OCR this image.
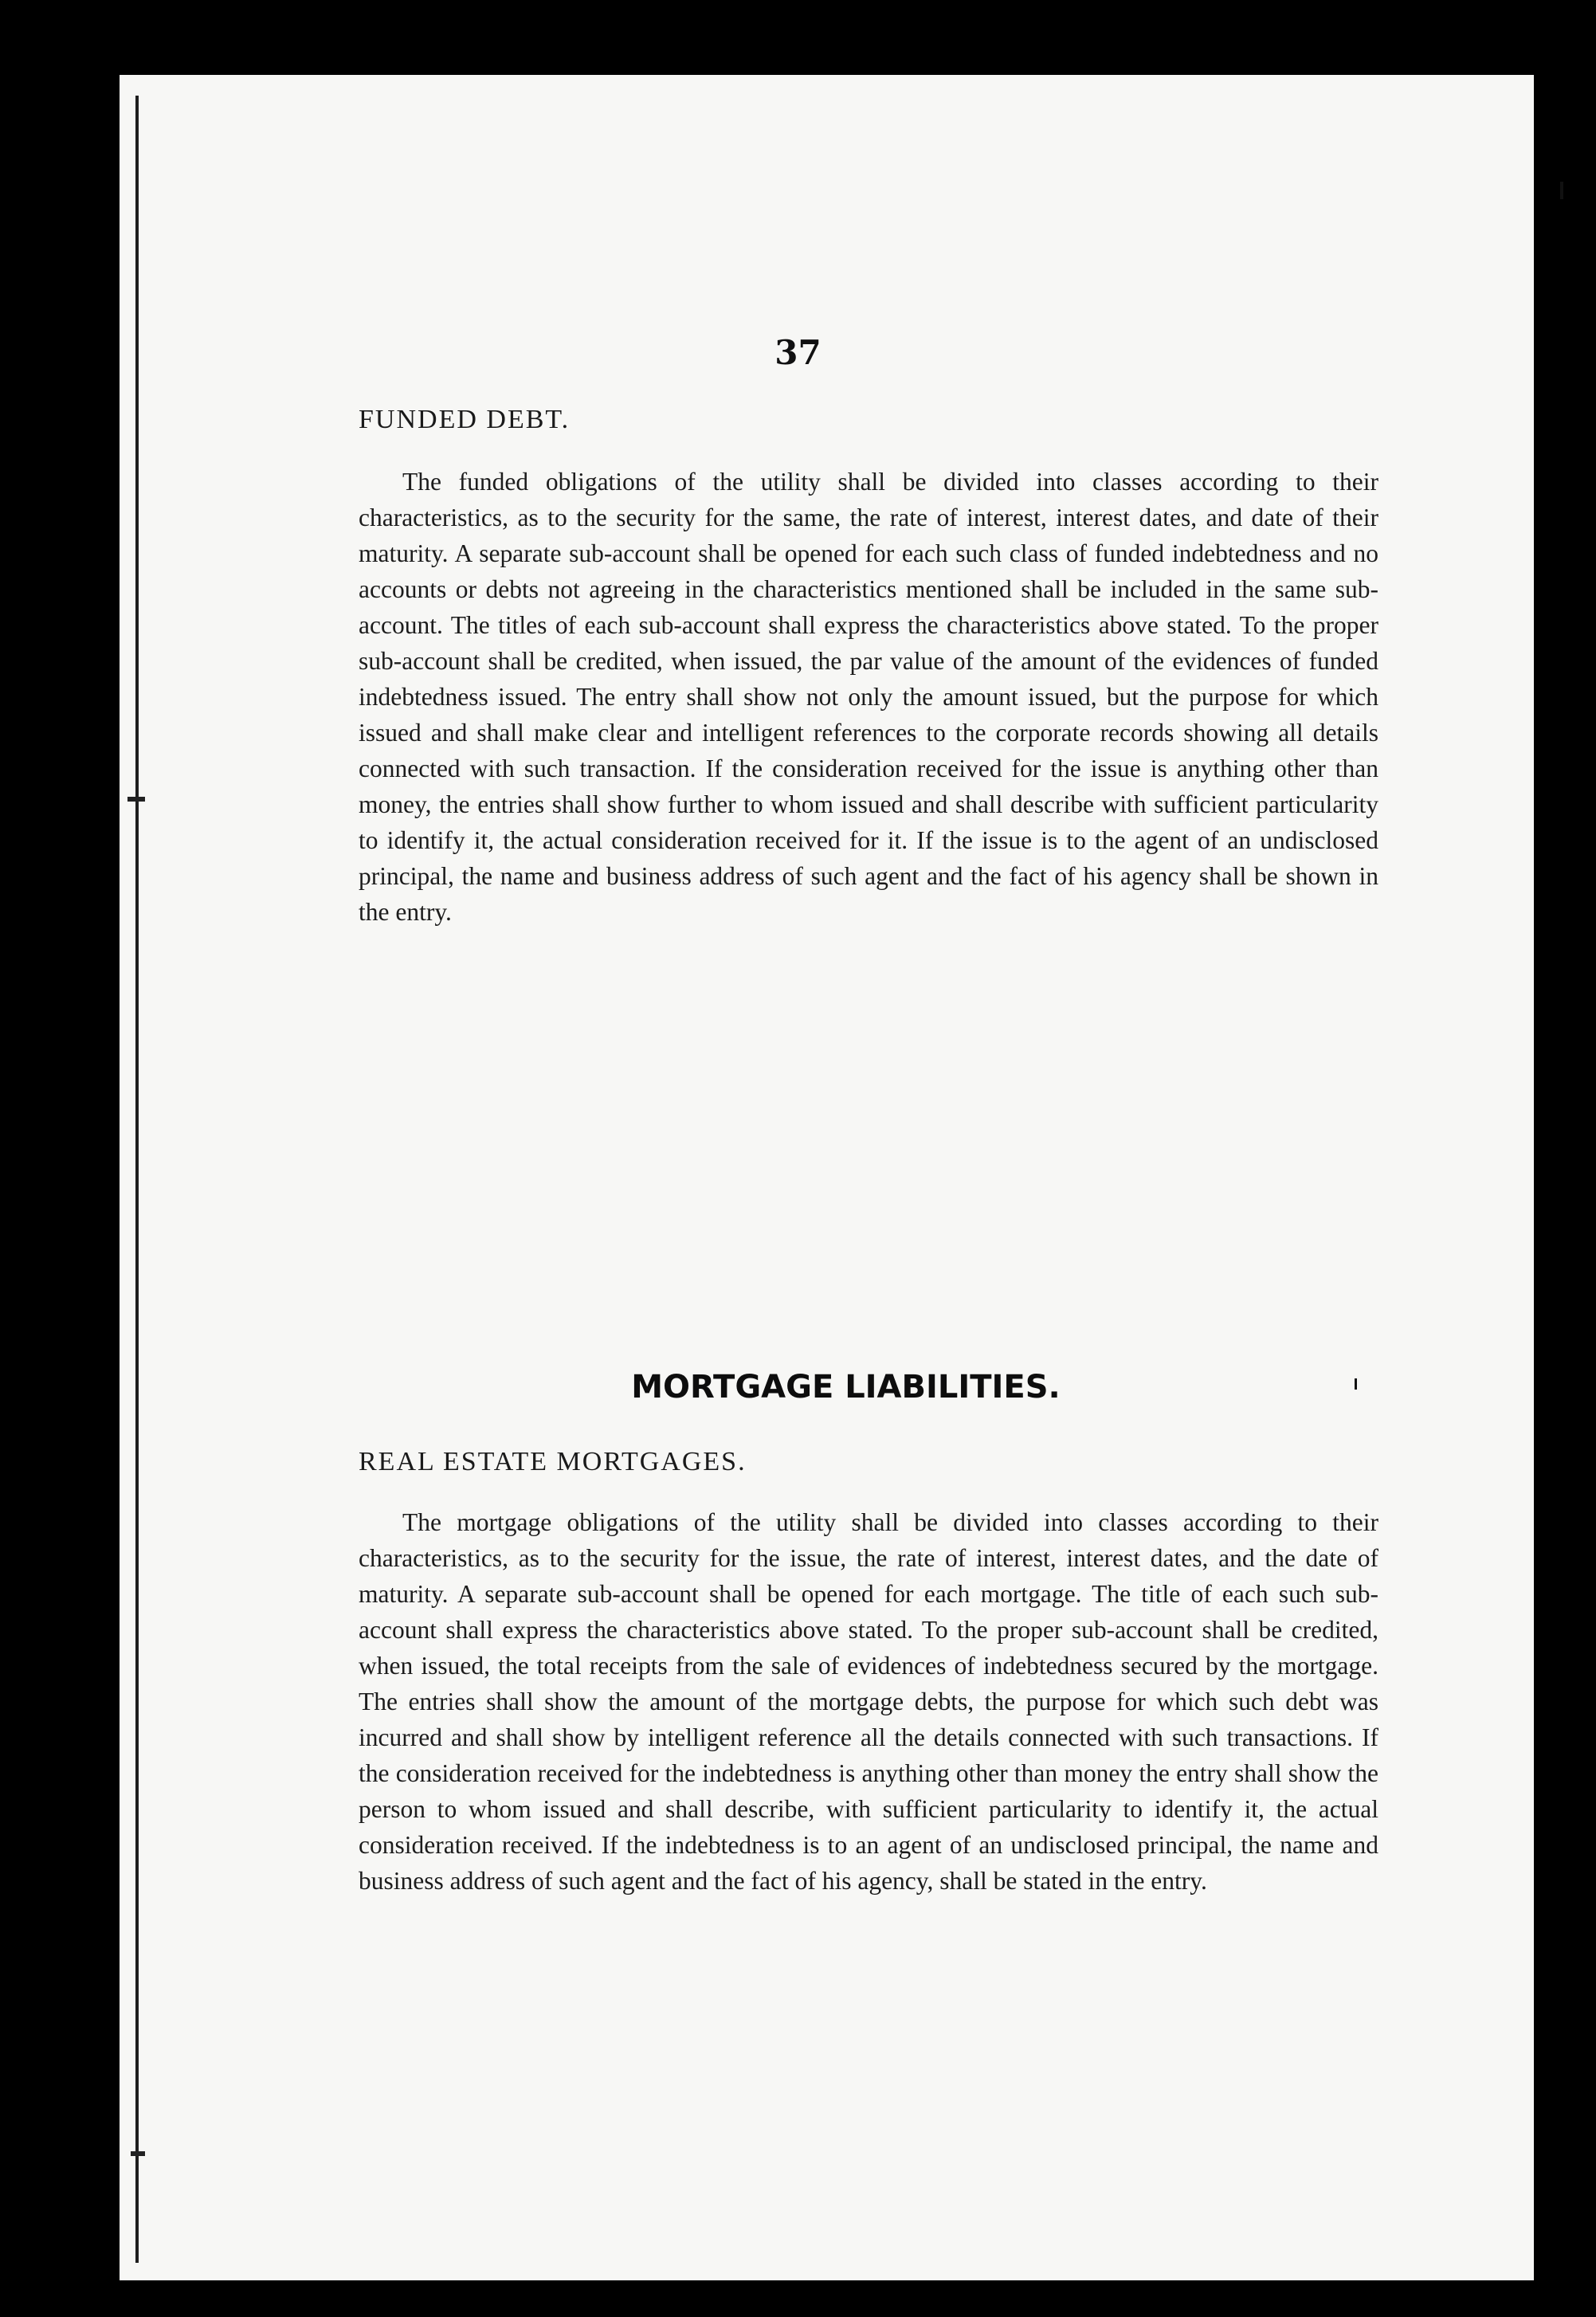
37
FUNDED DEBT.

The funded obligations of the utility shall be divided into classes according to their characteristics, as to the security for the same, the rate of interest, interest dates, and date of their maturity. A separate sub-account shall be opened for each such class of funded indebtedness and no accounts or debts not agreeing in the characteristics mentioned shall be included in the same sub-account. The titles of each sub-account shall express the characteristics above stated. To the proper sub-account shall be credited, when issued, the par value of the amount of the evidences of funded indebtedness issued. The entry shall show not only the amount issued, but the purpose for which issued and shall make clear and intelligent references to the corporate records showing all details connected with such transaction. If the consideration received for the issue is anything other than money, the entries shall show further to whom issued and shall describe with sufficient particularity to identify it, the actual consideration received for it. If the issue is to the agent of an undisclosed principal, the name and business address of such agent and the fact of his agency shall be shown in the entry.

MORTGAGE LIABILITIES.
REAL ESTATE MORTGAGES.

The mortgage obligations of the utility shall be divided into classes according to their characteristics, as to the security for the issue, the rate of interest, interest dates, and the date of maturity. A separate sub-account shall be opened for each mortgage. The title of each such sub-account shall express the characteristics above stated. To the proper sub-account shall be credited, when issued, the total receipts from the sale of evidences of indebtedness secured by the mortgage. The entries shall show the amount of the mortgage debts, the purpose for which such debt was incurred and shall show by intelligent reference all the details connected with such transactions. If the consideration received for the indebtedness is anything other than money the entry shall show the person to whom issued and shall describe, with sufficient particularity to identify it, the actual consideration received. If the indebtedness is to an agent of an undisclosed principal, the name and business address of such agent and the fact of his agency, shall be stated in the entry.
